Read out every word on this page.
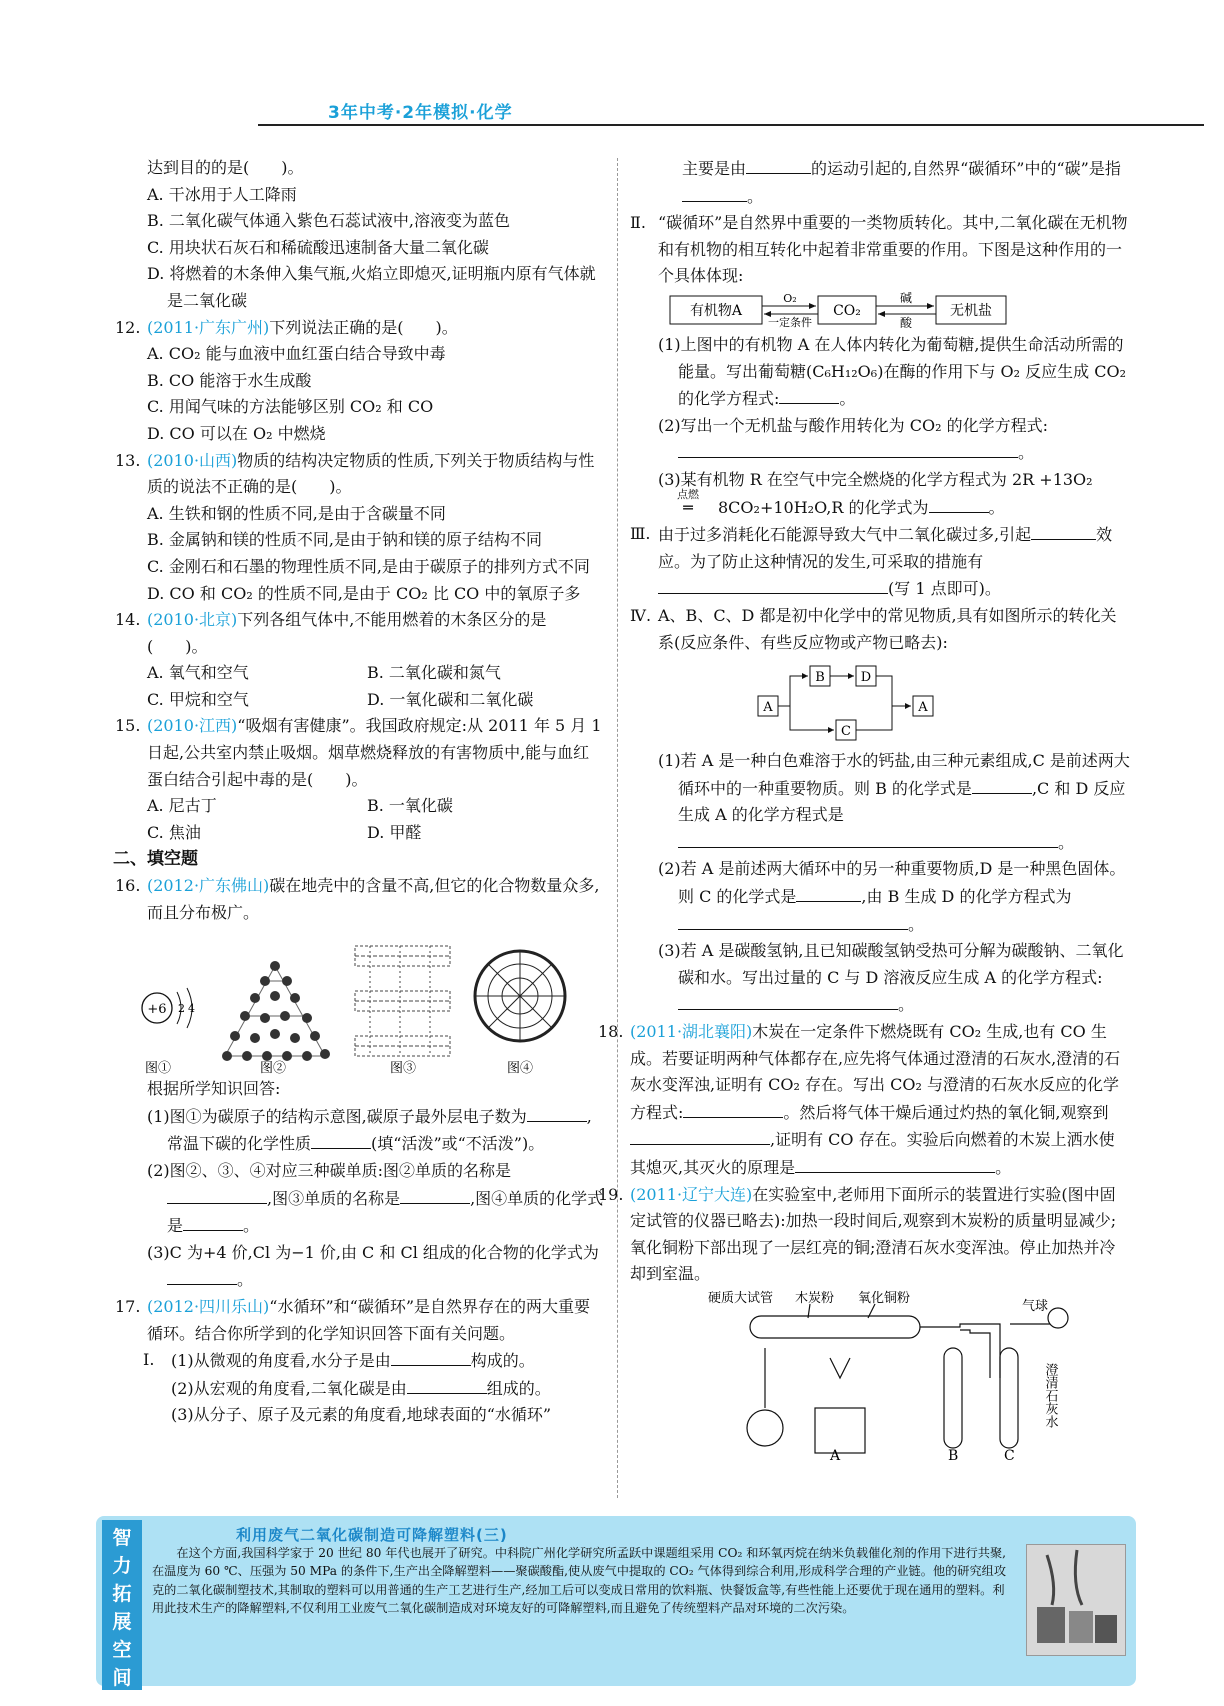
3年中考·2年模拟·化学

达到目的的是(　　)。

A. 干冰用于人工降雨

B. 二氧化碳气体通入紫色石蕊试液中,溶液变为蓝色

C. 用块状石灰石和稀硫酸迅速制备大量二氧化碳

D. 将燃着的木条伸入集气瓶,火焰立即熄灭,证明瓶内原有气体就是二氧化碳

12. (2011·广东广州)下列说法正确的是(　　)。

A. CO₂ 能与血液中血红蛋白结合导致中毒

B. CO 能溶于水生成酸

C. 用闻气味的方法能够区别 CO₂ 和 CO

D. CO 可以在 O₂ 中燃烧

13. (2010·山西)物质的结构决定物质的性质,下列关于物质结构与性质的说法不正确的是(　　)。

A. 生铁和钢的性质不同,是由于含碳量不同

B. 金属钠和镁的性质不同,是由于钠和镁的原子结构不同

C. 金刚石和石墨的物理性质不同,是由于碳原子的排列方式不同

D. CO 和 CO₂ 的性质不同,是由于 CO₂ 比 CO 中的氧原子多

14. (2010·北京)下列各组气体中,不能用燃着的木条区分的是(　　)。
A. 氧气和空气	B. 二氧化碳和氮气
C. 甲烷和空气	D. 一氧化碳和二氧化碳
15. (2010·江西)“吸烟有害健康”。我国政府规定:从 2011 年 5 月 1 日起,公共室内禁止吸烟。烟草燃烧释放的有害物质中,能与血红蛋白结合引起中毒的是(　　)。
A. 尼古丁	B. 一氧化碳
C. 焦油	D. 甲醛

二、填空题

16. (2012·广东佛山)碳在地壳中的含量不高,但它的化合物数量众多,而且分布极广。
+6 2 4
图①	图②	图③	图④

根据所学知识回答:

(1)图①为碳原子的结构示意图,碳原子最外层电子数为	,常温下碳的化学性质	(填“活泼”或“不活泼”)。

(2)图②、③、④对应三种碳单质:图②单质的名称是,图③单质的名称是	,图④单质的化学式是	。

(3)C 为+4 价,Cl 为−1 价,由 C 和 Cl 组成的化合物的化学式为。

17. (2012·四川乐山)“水循环”和“碳循环”是自然界存在的两大重要循环。结合你所学到的化学知识回答下面有关问题。

Ⅰ. (1)从微观的角度看,水分子是由	构成的。

(2)从宏观的角度看,二氧化碳是由	组成的。

(3)从分子、原子及元素的角度看,地球表面的“水循环”

主要是由	的运动引起的,自然界“碳循环”中的“碳”是指。

Ⅱ. “碳循环”是自然界中重要的一类物质转化。其中,二氧化碳在无机物和有机物的相互转化中起着非常重要的作用。下图是这种作用的一个具体体现:

有机物A	CO₂	无机盐
O₂
一定条件
碱
酸

(1)上图中的有机物 A 在人体内转化为葡萄糖,提供生命活动所需的能量。写出葡萄糖(C₆H₁₂O₆)在酶的作用下与 O₂ 反应生成 CO₂ 的化学方程式:	。

(2)写出一个无机盐与酸作用转化为 CO₂ 的化学方程式:。

(3)某有机物 R 在空气中完全燃烧的化学方程式为 2R +13O₂
点燃
═ 8CO₂+10H₂O,R 的化学式为	。

Ⅲ. 由于过多消耗化石能源导致大气中二氧化碳过多,引起	效应。为了防止这种情况的发生,可采取的措施有(写 1 点即可)。

Ⅳ. A、B、C、D 都是初中化学中的常见物质,具有如图所示的转化关系(反应条件、有些反应物或产物已略去):

A
B	D
C
A

(1)若 A 是一种白色难溶于水的钙盐,由三种元素组成,C 是前述两大循环中的一种重要物质。则 B 的化学式是	,C 和 D 反应生成 A 的化学方程式是。

(2)若 A 是前述两大循环中的另一种重要物质,D 是一种黑色固体。则 C 的化学式是	,由 B 生成 D 的化学方程式为。

(3)若 A 是碳酸氢钠,且已知碳酸氢钠受热可分解为碳酸钠、二氧化碳和水。写出过量的 C 与 D 溶液反应生成 A 的化学方程式:。

18. (2011·湖北襄阳)木炭在一定条件下燃烧既有 CO₂ 生成,也有 CO 生成。若要证明两种气体都存在,应先将气体通过澄清的石灰水,澄清的石灰水变浑浊,证明有 CO₂ 存在。写出 CO₂ 与澄清的石灰水反应的化学方程式:	。然后将气体干燥后通过灼热的氧化铜,观察到,证明有 CO 存在。实验后向燃着的木炭上洒水使其熄灭,其灭火的原理是	。
19. (2011·辽宁大连)在实验室中,老师用下面所示的装置进行实验(图中固定试管的仪器已略去):加热一段时间后,观察到木炭粉的质量明显减少;氧化铜粉下部出现了一层红亮的铜;澄清石灰水变浑浊。停止加热并冷却到室温。
硬质大试管 木炭粉 氧化铜粉
气球
澄清石灰水
A	B	C
智
力
拓
展
空
间
利用废气二氧化碳制造可降解塑料(三)
在这个方面,我国科学家于 20 世纪 80 年代也展开了研究。中科院广州化学研究所孟跃中课题组采用 CO₂ 和环氧丙烷在纳米负载催化剂的作用下进行共聚,在温度为 60 ℃、压强为 50 MPa 的条件下,生产出全降解塑料——聚碳酸酯,使从废气中提取的 CO₂ 气体得到综合利用,形成科学合理的产业链。他的研究组攻克的二氧化碳制塑技术,其制取的塑料可以用普通的生产工艺进行生产,经加工后可以变成日常用的饮料瓶、快餐饭盒等,有些性能上还要优于现在通用的塑料。利用此技术生产的降解塑料,不仅利用工业废气二氧化碳制造成对环境友好的可降解塑料,而且避免了传统塑料产品对环境的二次污染。
